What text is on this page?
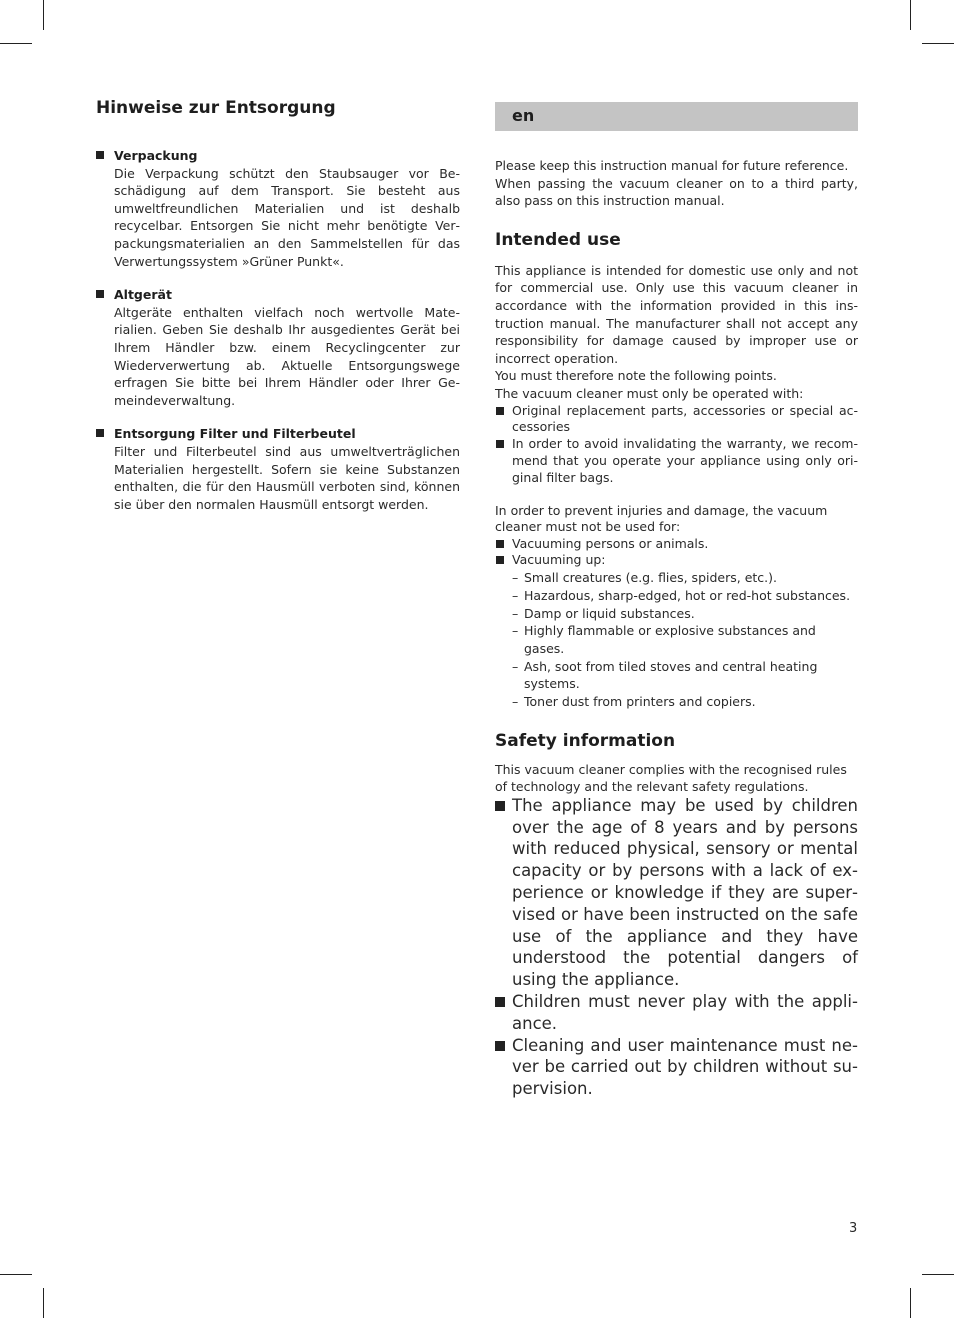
Hinweise zur Entsorgung
Verpackung
Die Verpackung schützt den Staubsauger vor Beschädigung auf dem Transport. Sie besteht aus umweltfreundlichen Materialien und ist deshalb recycelbar. Entsorgen Sie nicht mehr benötigte Verpackungsmaterialien an den Sammelstellen für das Verwertungssystem »Grüner Punkt«.
Altgerät
Altgeräte enthalten vielfach noch wertvolle Materialien. Geben Sie deshalb Ihr ausgedientes Gerät bei Ihrem Händler bzw. einem Recyclingcenter zur Wiederverwertung ab. Aktuelle Entsorgungswege erfragen Sie bitte bei Ihrem Händler oder Ihrer Gemeindeverwaltung.
Entsorgung Filter und Filterbeutel
Filter und Filterbeutel sind aus umweltverträglichen Materialien hergestellt. Sofern sie keine Substanzen enthalten, die für den Hausmüll verboten sind, können sie über den normalen Hausmüll entsorgt werden.
en

Please keep this instruction manual for future reference.

When passing the vacuum cleaner on to a third party, also pass on this instruction manual.

Intended use

This appliance is intended for domestic use only and not for commercial use. Only use this vacuum cleaner in accordance with the information provided in this instruction manual. The manufacturer shall not accept any responsibility for damage caused by improper use or incorrect operation.

You must therefore note the following points.

The vacuum cleaner must only be operated with:

Original replacement parts, accessories or special accessories
In order to avoid invalidating the warranty, we recommend that you operate your appliance using only original filter bags.

In order to prevent injuries and damage, the vacuum cleaner must not be used for:

Vacuuming persons or animals.
Vacuuming up:
– Small creatures (e.g. flies, spiders, etc.).
– Hazardous, sharp-edged, hot or red-hot substances.
– Damp or liquid substances.
– Highly flammable or explosive substances and gases.
– Ash, soot from tiled stoves and central heating systems.
– Toner dust from printers and copiers.
Safety information

This vacuum cleaner complies with the recognised rules of technology and the relevant safety regulations.

The appliance may be used by children over the age of 8 years and by persons with reduced physical, sensory or mental capacity or by persons with a lack of experience or knowledge if they are supervised or have been instructed on the safe use of the appliance and they have understood the potential dangers of using the appliance.
Children must never play with the appliance.
Cleaning and user maintenance must never be carried out by children without supervision.
3
